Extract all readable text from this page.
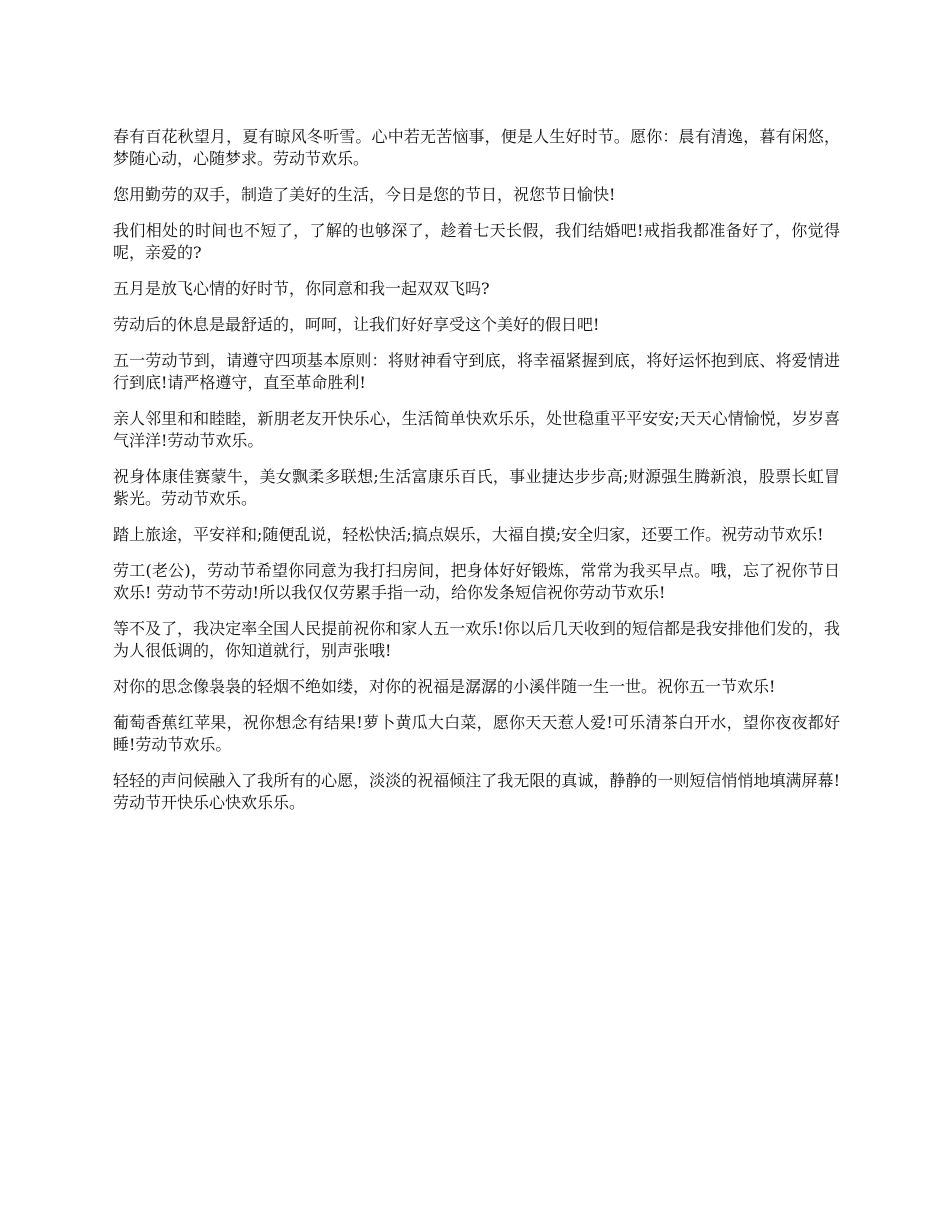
春有百花秋望月，夏有晾风冬听雪。心中若无苦恼事，便是人生好时节。愿你：晨有清逸，暮有闲悠，梦随心动，心随梦求。劳动节欢乐。

您用勤劳的双手，制造了美好的生活，今日是您的节日，祝您节日愉快!

我们相处的时间也不短了，了解的也够深了，趁着七天长假，我们结婚吧!戒指我都准备好了，你觉得呢，亲爱的?

五月是放飞心情的好时节，你同意和我一起双双飞吗?

劳动后的休息是最舒适的，呵呵，让我们好好享受这个美好的假日吧!

五一劳动节到，请遵守四项基本原则：将财神看守到底，将幸福紧握到底，将好运怀抱到底、将爱情进行到底!请严格遵守，直至革命胜利!

亲人邻里和和睦睦，新朋老友开快乐心，生活简单快欢乐乐，处世稳重平平安安;天天心情愉悦，岁岁喜气洋洋!劳动节欢乐。

祝身体康佳赛蒙牛，美女飘柔多联想;生活富康乐百氏，事业捷达步步高;财源强生腾新浪，股票长虹冒紫光。劳动节欢乐。

踏上旅途，平安祥和;随便乱说，轻松快活;搞点娱乐，大福自摸;安全归家，还要工作。祝劳动节欢乐!

劳工(老公)，劳动节希望你同意为我打扫房间，把身体好好锻炼，常常为我买早点。哦，忘了祝你节日欢乐! 劳动节不劳动!所以我仅仅劳累手指一动，给你发条短信祝你劳动节欢乐!

等不及了，我决定率全国人民提前祝你和家人五一欢乐!你以后几天收到的短信都是我安排他们发的，我为人很低调的，你知道就行，别声张哦!

对你的思念像袅袅的轻烟不绝如缕，对你的祝福是潺潺的小溪伴随一生一世。祝你五一节欢乐!

葡萄香蕉红苹果，祝你想念有结果!萝卜黄瓜大白菜，愿你天天惹人爱!可乐清茶白开水，望你夜夜都好睡!劳动节欢乐。

轻轻的声问候融入了我所有的心愿，淡淡的祝福倾注了我无限的真诚，静静的一则短信悄悄地填满屏幕!劳动节开快乐心快欢乐乐。
